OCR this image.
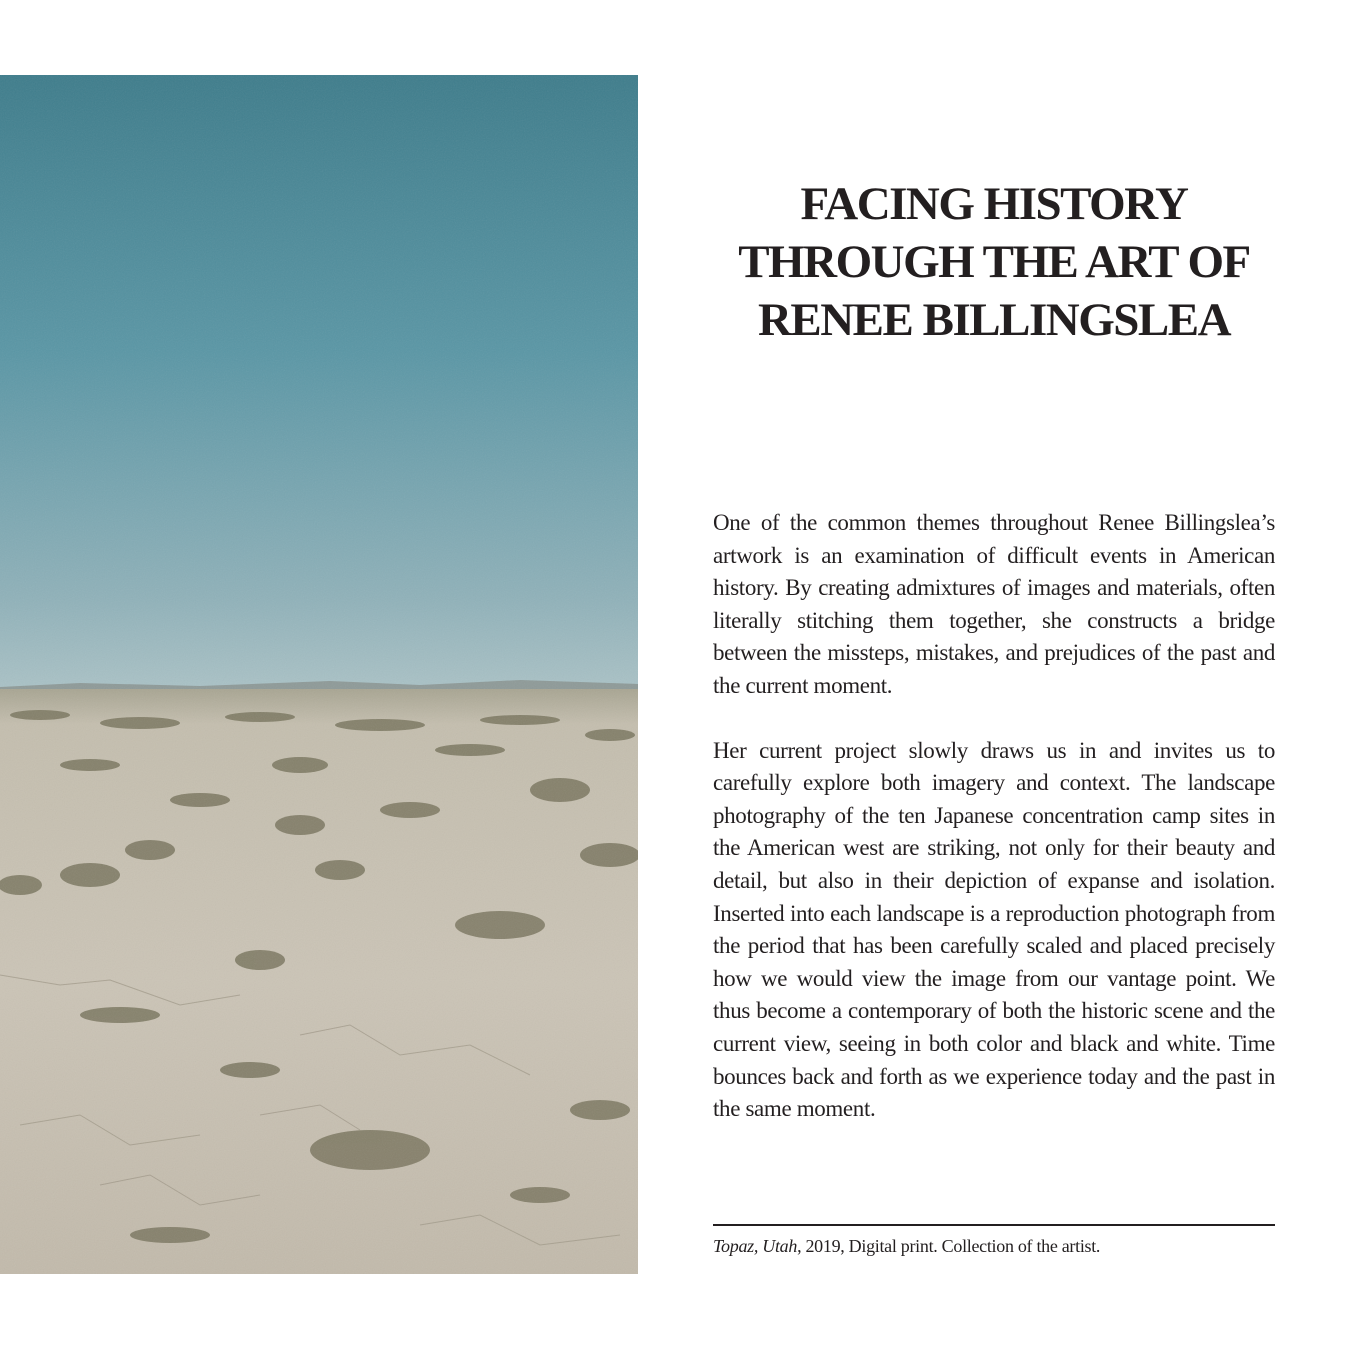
FACING HISTORY
THROUGH THE ART OF
RENEE BILLINGSLEA

One of the common themes throughout Renee Billingslea’s artwork is an examination of difficult events in American history. By creating admixtures of images and materials, often literally stitching them together, she constructs a bridge between the missteps, mistakes, and prejudices of the past and the current moment.

Her current project slowly draws us in and invites us to carefully explore both imagery and context. The landscape photography of the ten Japanese concentration camp sites in the American west are striking, not only for their beauty and detail, but also in their depiction of expanse and isolation. Inserted into each landscape is a reproduction photograph from the period that has been carefully scaled and placed precisely how we would view the image from our vantage point. We thus become a contemporary of both the historic scene and the current view, seeing in both color and black and white. Time bounces back and forth as we experience today and the past in the same moment.

Topaz, Utah, 2019, Digital print. Collection of the artist.
